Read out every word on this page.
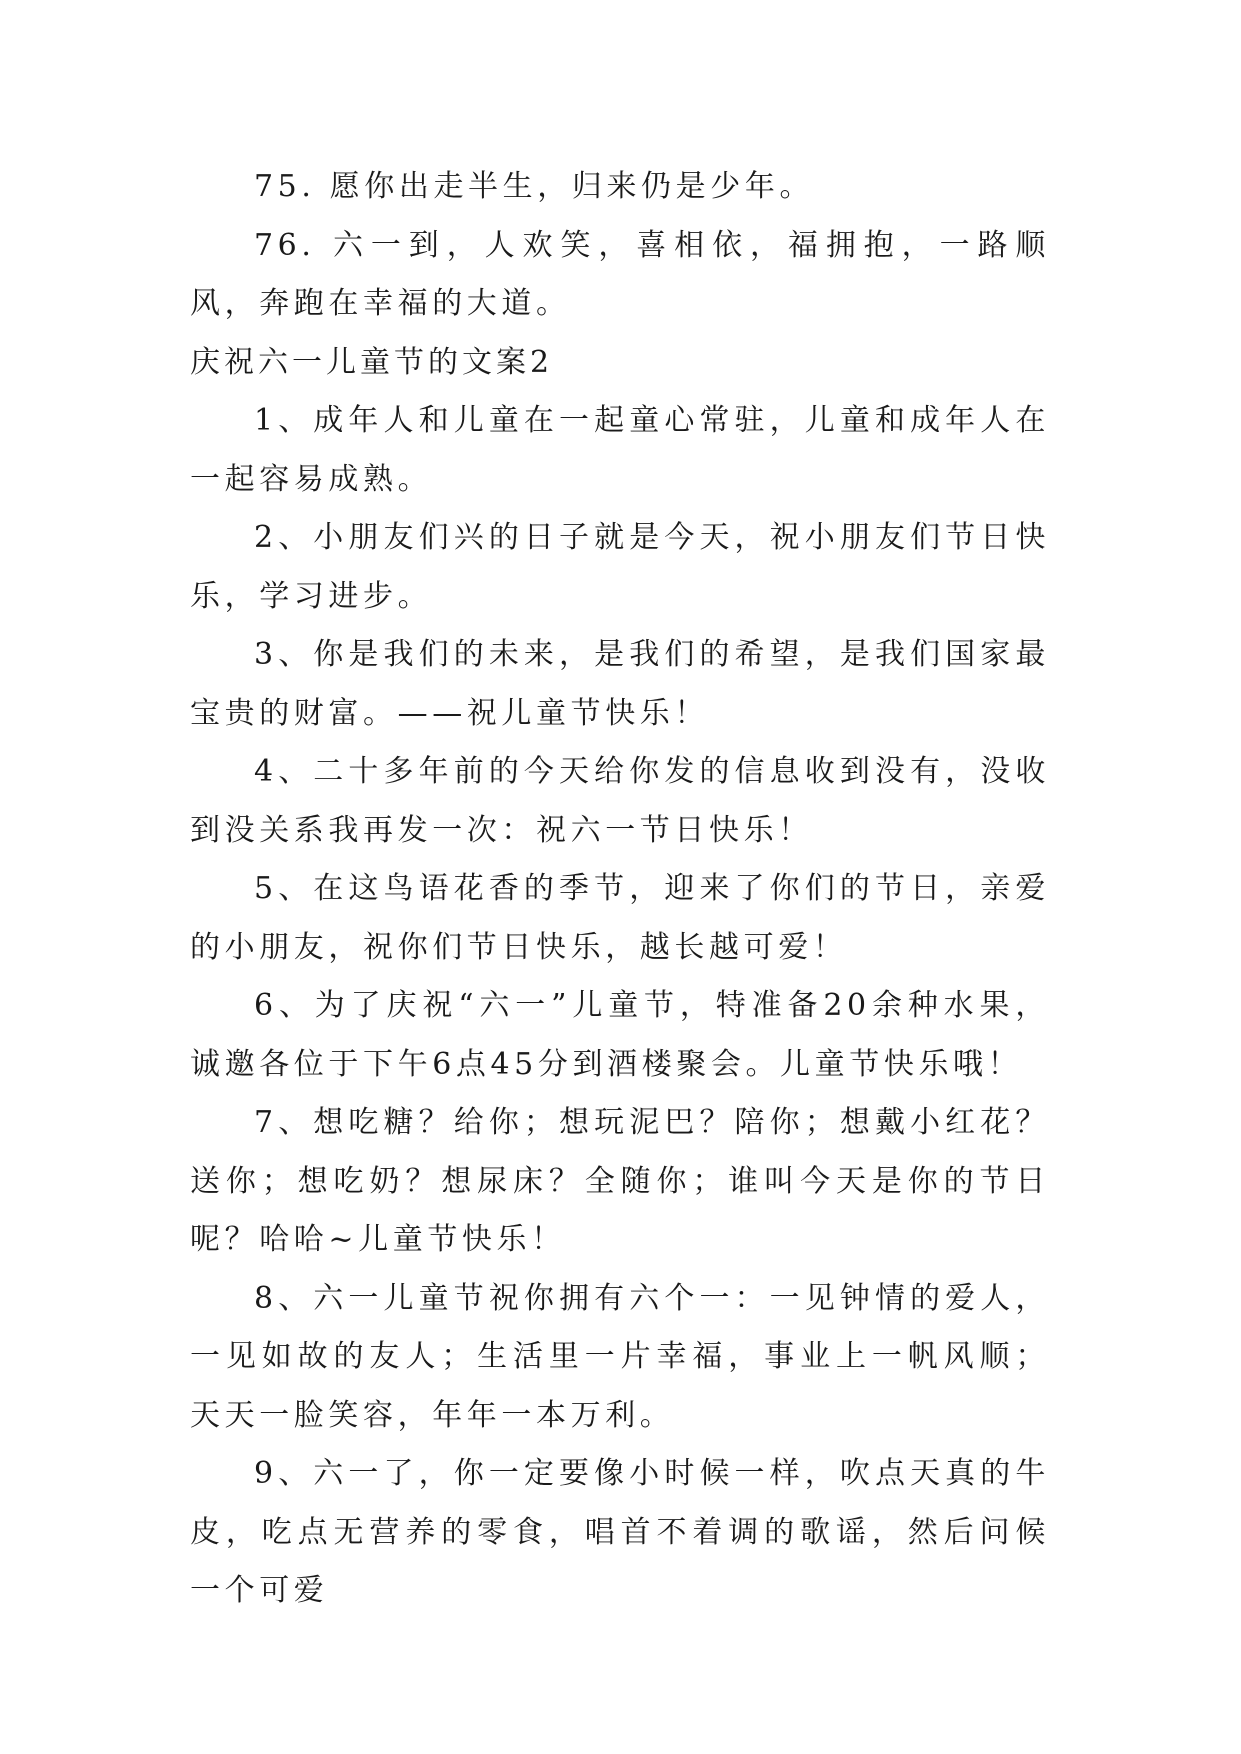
75. 愿你出走半生，归来仍是少年。

76. 六一到，人欢笑，喜相依，福拥抱，一路顺风，奔跑在幸福的大道。

庆祝六一儿童节的文案2

1、成年人和儿童在一起童心常驻，儿童和成年人在一起容易成熟。

2、小朋友们兴的日子就是今天，祝小朋友们节日快乐，学习进步。

3、你是我们的未来，是我们的希望，是我们国家最宝贵的财富。——祝儿童节快乐！

4、二十多年前的今天给你发的信息收到没有，没收到没关系我再发一次：祝六一节日快乐！

5、在这鸟语花香的季节，迎来了你们的节日，亲爱的小朋友，祝你们节日快乐，越长越可爱！

6、为了庆祝“六一”儿童节，特准备20余种水果，诚邀各位于下午6点45分到酒楼聚会。儿童节快乐哦！

7、想吃糖？给你；想玩泥巴？陪你；想戴小红花？送你；想吃奶？想尿床？全随你；谁叫今天是你的节日呢？哈哈~儿童节快乐！

8、六一儿童节祝你拥有六个一：一见钟情的爱人，一见如故的友人；生活里一片幸福，事业上一帆风顺；天天一脸笑容，年年一本万利。

9、六一了，你一定要像小时候一样，吹点天真的牛皮，吃点无营养的零食，唱首不着调的歌谣，然后问候一个可爱
